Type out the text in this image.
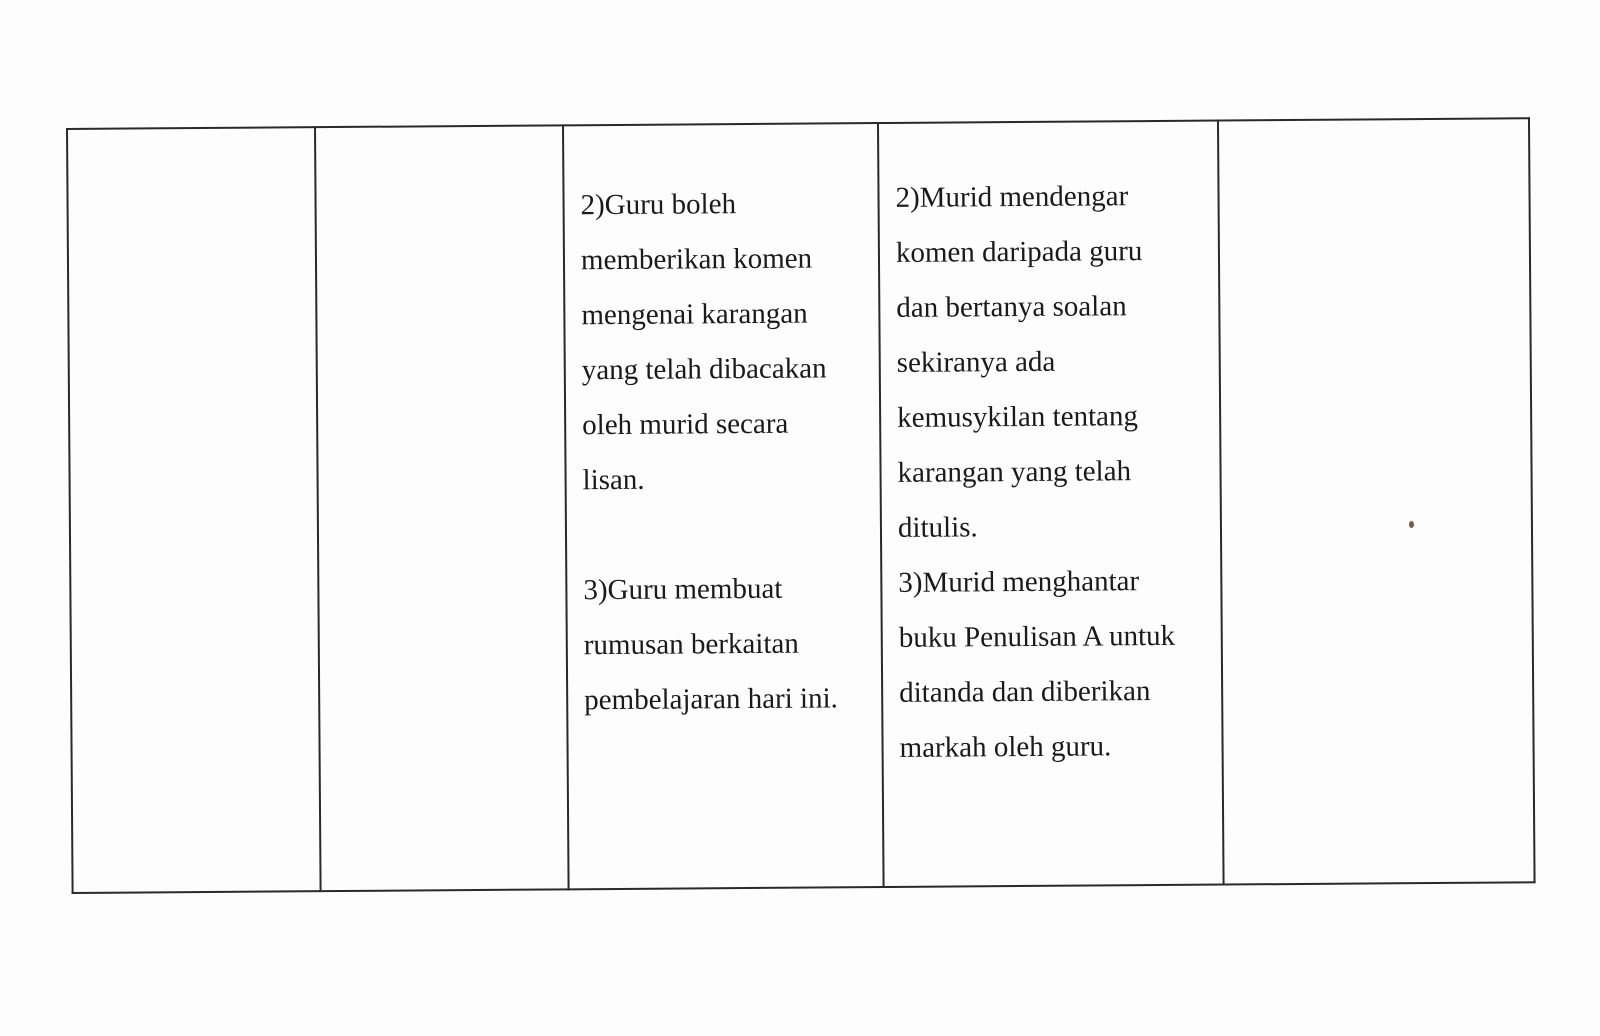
2)Guru boleh
memberikan komen
mengenai karangan
yang telah dibacakan
oleh murid secara
lisan.

3)Guru membuat
rumusan berkaitan
pembelajaran hari ini.

2)Murid mendengar
komen daripada guru
dan bertanya soalan
sekiranya ada
kemusykilan tentang
karangan yang telah
ditulis.

3)Murid menghantar
buku Penulisan A untuk
ditanda dan diberikan
markah oleh guru.
